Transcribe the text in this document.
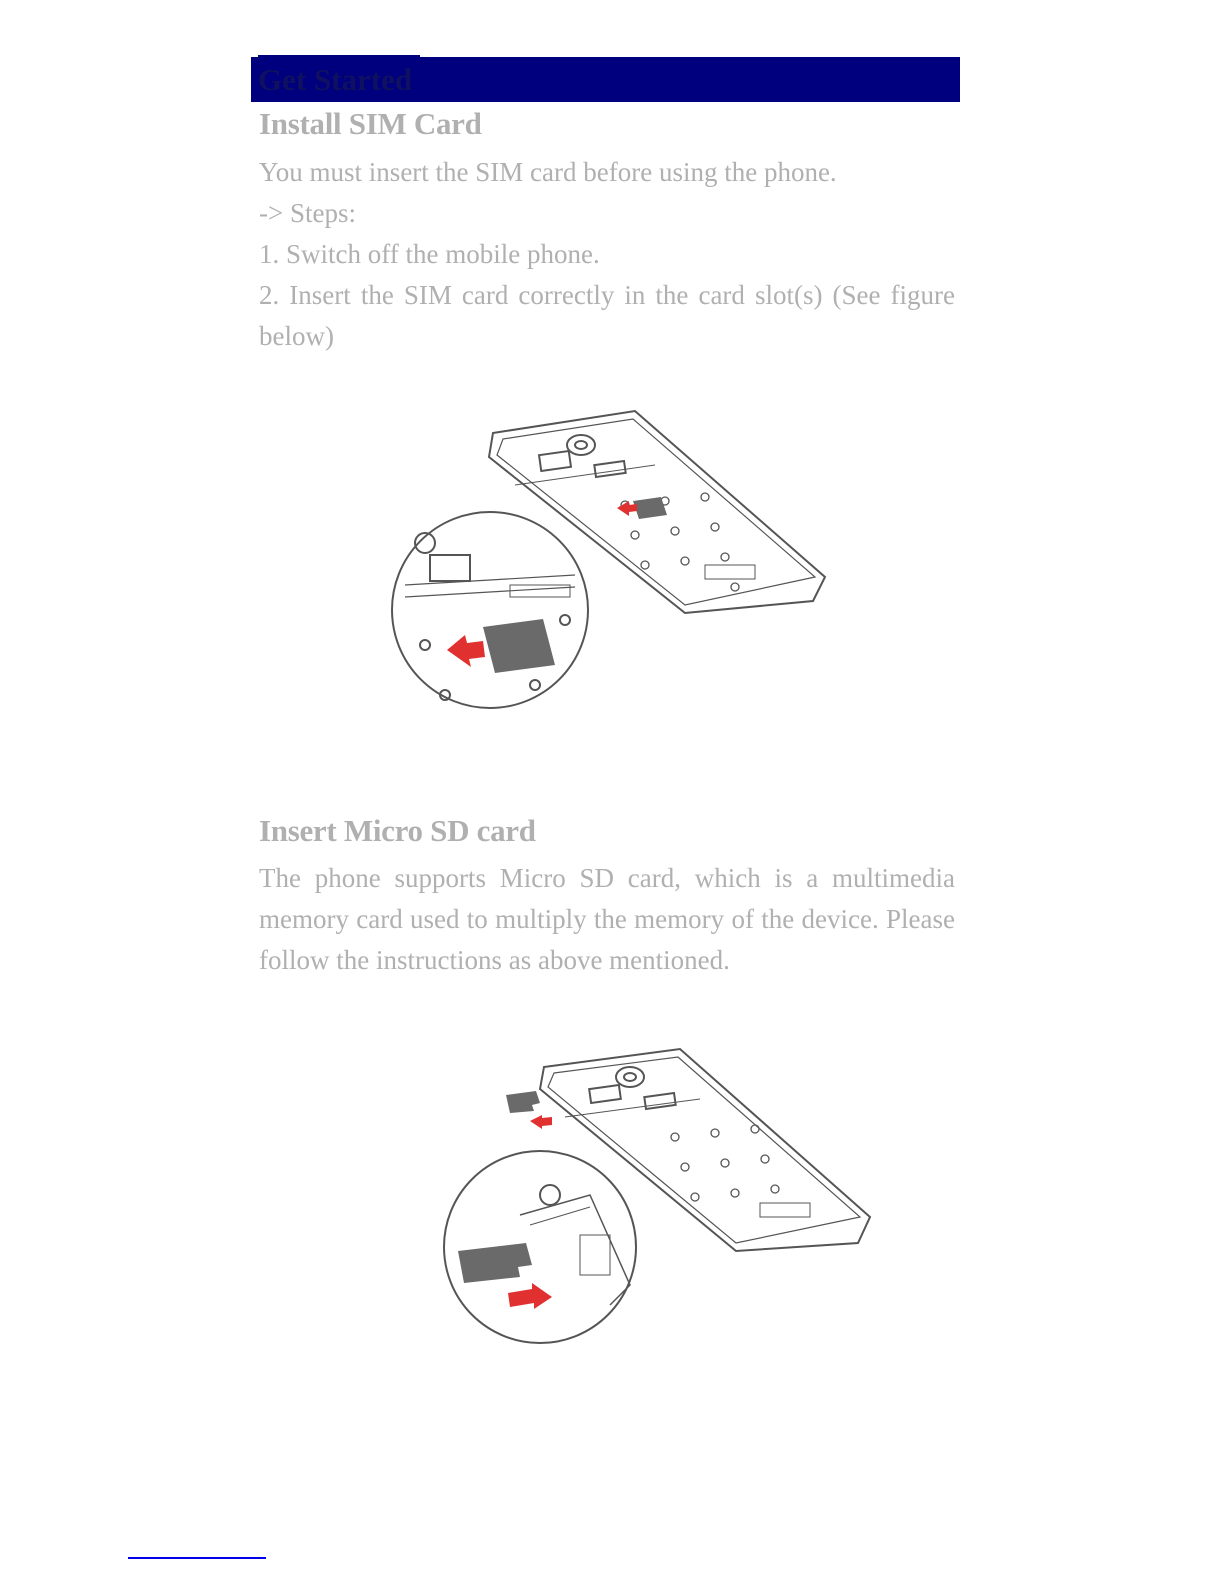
Get Started
Install SIM Card
You must insert the SIM card before using the phone.
-> Steps:
1. Switch off the mobile phone.
2. Insert the SIM card correctly in the card slot(s) (See figure below)
Insert Micro SD card
The phone supports Micro SD card, which is a multimedia memory card used to multiply the memory of the device. Please follow the instructions as above mentioned.
